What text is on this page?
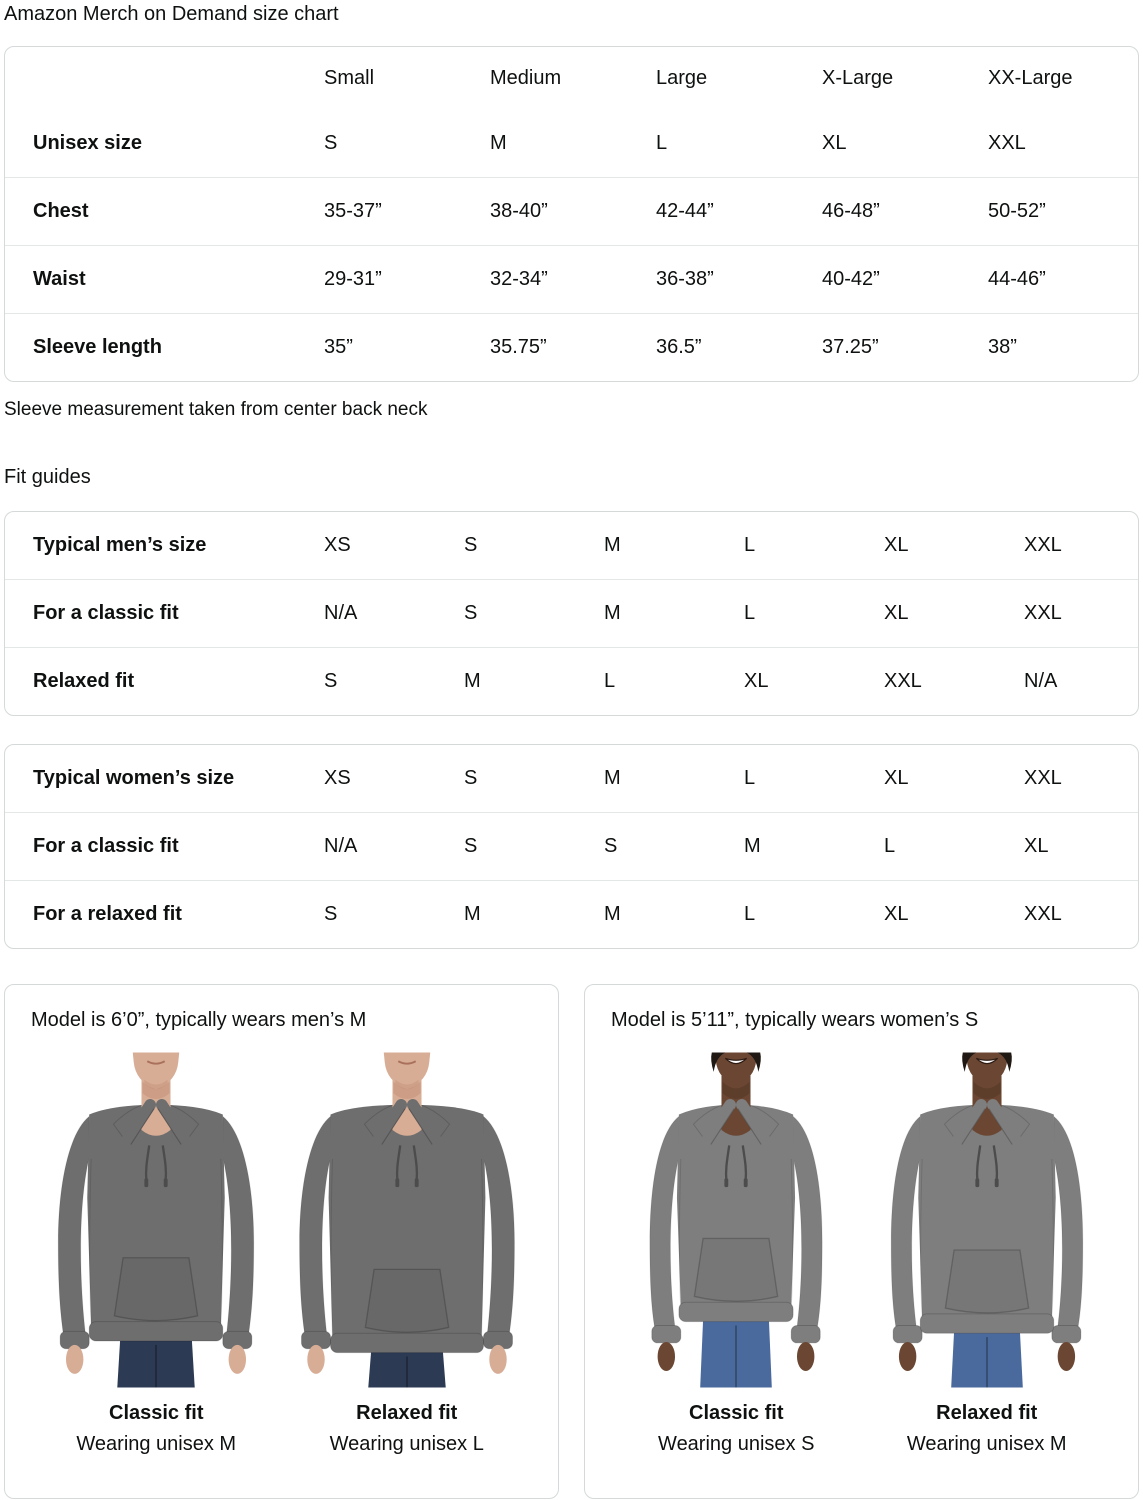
Amazon Merch on Demand size chart
	Small	Medium	Large	X-Large	XX-Large
Unisex size	S	M	L	XL	XXL
Chest	35-37”	38-40”	42-44”	46-48”	50-52”
Waist	29-31”	32-34”	36-38”	40-42”	44-46”
Sleeve length	35”	35.75”	36.5”	37.25”	38”

Sleeve measurement taken from center back neck

Fit guides
Typical men’s size	XS	S	M	L	XL	XXL
For a classic fit	N/A	S	M	L	XL	XXL
Relaxed fit	S	M	L	XL	XXL	N/A
Typical women’s size	XS	S	M	L	XL	XXL
For a classic fit	N/A	S	S	M	L	XL
For a relaxed fit	S	M	M	L	XL	XXL

Model is 6’0”, typically wears men’s M

Classic fit
Wearing unisex M
Relaxed fit
Wearing unisex L

Model is 5’11”, typically wears women’s S

Classic fit
Wearing unisex S
Relaxed fit
Wearing unisex M
